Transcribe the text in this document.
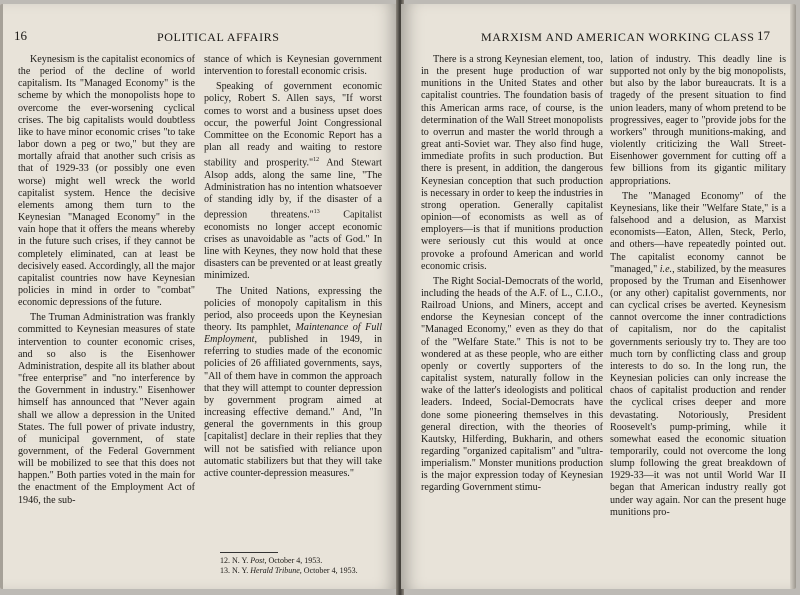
16	POLITICAL AFFAIRS

Keynesism is the capitalist economics of the period of the decline of world capitalism. Its "Managed Economy" is the scheme by which the monopolists hope to overcome the ever-worsening cyclical crises. The big capitalists would doubtless like to have minor economic crises "to take labor down a peg or two," but they are mortally afraid that another such crisis as that of 1929-33 (or possibly one even worse) might well wreck the world capitalist system. Hence the decisive elements among them turn to the Keynesian "Managed Economy" in the vain hope that it offers the means whereby in the future such crises, if they cannot be completely eliminated, can at least be decisively eased. Accordingly, all the major capitalist countries now have Keynesian policies in mind in order to "combat" economic depressions of the future.

The Truman Administration was frankly committed to Keynesian measures of state intervention to counter economic crises, and so also is the Eisenhower Administration, despite all its blather about "free enterprise" and "no interference by the Government in industry." Eisenhower himself has announced that "Never again shall we allow a depression in the United States. The full power of private industry, of municipal government, of state government, of the Federal Government will be mobilized to see that this does not happen." Both parties voted in the main for the enactment of the Employment Act of 1946, the sub-

stance of which is Keynesian government intervention to forestall economic crisis.

Speaking of government economic policy, Robert S. Allen says, "If worst comes to worst and a business upset does occur, the powerful Joint Congressional Committee on the Economic Report has a plan all ready and waiting to restore stability and prosperity."$^{12}$ And Stewart Alsop adds, along the same line, "The Administration has no intention whatsoever of standing idly by, if the disaster of a depression threatens."$^{13}$ Capitalist economists no longer accept economic crises as unavoidable as "acts of God." In line with Keynes, they now hold that these disasters can be prevented or at least greatly minimized.

The United Nations, expressing the policies of monopoly capitalism in this period, also proceeds upon the Keynesian theory. Its pamphlet, Maintenance of Full Employment, published in 1949, in referring to studies made of the economic policies of 26 affiliated governments, says, "All of them have in common the approach that they will attempt to counter depression by government program aimed at increasing effective demand." And, "In general the governments in this group [capitalist] declare in their replies that they will not be satisfied with reliance upon automatic stabilizers but that they will take active counter-depression measures."

12. N. Y. Post, October 4, 1953.
13. N. Y. Herald Tribune, October 4, 1953.
MARXISM AND AMERICAN WORKING CLASS 17

There is a strong Keynesian element, too, in the present huge production of war munitions in the United States and other capitalist countries. The foundation basis of this American arms race, of course, is the determination of the Wall Street monopolists to overrun and master the world through a great anti-Soviet war. They also find huge, immediate profits in such production. But there is present, in addition, the dangerous Keynesian conception that such production is necessary in order to keep the industries in strong operation. Generally capitalist opinion—of economists as well as of employers—is that if munitions production were seriously cut this would at once provoke a profound American and world economic crisis.

The Right Social-Democrats of the world, including the heads of the A.F. of L., C.I.O., Railroad Unions, and Miners, accept and endorse the Keynesian concept of the "Managed Economy," even as they do that of the "Welfare State." This is not to be wondered at as these people, who are either openly or covertly supporters of the capitalist system, naturally follow in the wake of the latter's ideologists and political leaders. Indeed, Social-Democrats have done some pioneering themselves in this general direction, with the theories of Kautsky, Hilferding, Bukharin, and others regarding "organized capitalism" and "ultra-imperialism." Monster munitions production is the major expression today of Keynesian regarding Government stimu-

lation of industry. This deadly line is supported not only by the big monopolists, but also by the labor bureaucrats. It is a tragedy of the present situation to find union leaders, many of whom pretend to be progressives, eager to "provide jobs for the workers" through munitions-making, and violently criticizing the Wall Street-Eisenhower government for cutting off a few billions from its gigantic military appropriations.

The "Managed Economy" of the Keynesians, like their "Welfare State," is a falsehood and a delusion, as Marxist economists—Eaton, Allen, Steck, Perlo, and others—have repeatedly pointed out. The capitalist economy cannot be "managed," i.e., stabilized, by the measures proposed by the Truman and Eisenhower (or any other) capitalist governments, nor can cyclical crises be averted. Keynesism cannot overcome the inner contradictions of capitalism, nor do the capitalist governments seriously try to. They are too much torn by conflicting class and group interests to do so. In the long run, the Keynesian policies can only increase the chaos of capitalist production and render the cyclical crises deeper and more devastating. Notoriously, President Roosevelt's pump-priming, while it somewhat eased the economic situation temporarily, could not overcome the long slump following the great breakdown of 1929-33—it was not until World War II began that American industry really got under way again. Nor can the present huge munitions pro-
